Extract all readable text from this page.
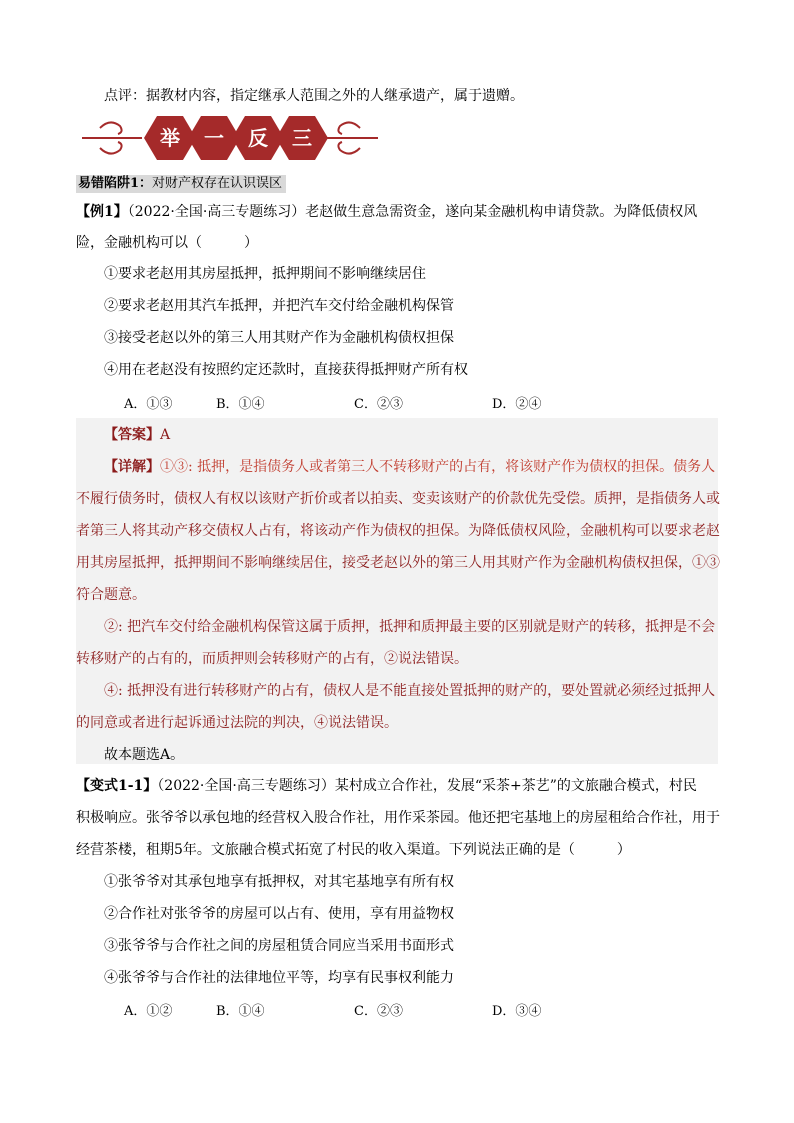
点评：据教材内容，指定继承人范围之外的人继承遗产，属于遗赠。
举 一 反 三
易错陷阱1：对财产权存在认识误区
【例1】（2022·全国·高三专题练习）老赵做生意急需资金，遂向某金融机构申请贷款。为降低债权风
险，金融机构可以（　　　）
①要求老赵用其房屋抵押，抵押期间不影响继续居住
②要求老赵用其汽车抵押，并把汽车交付给金融机构保管
③接受老赵以外的第三人用其财产作为金融机构债权担保
④用在老赵没有按照约定还款时，直接获得抵押财产所有权
A．①③	B．①④	C．②③	D．②④
【答案】A
【详解】①③: 抵押，是指债务人或者第三人不转移财产的占有，将该财产作为债权的担保。债务人
不履行债务时，债权人有权以该财产折价或者以拍卖、变卖该财产的价款优先受偿。质押，是指债务人或
者第三人将其动产移交债权人占有，将该动产作为债权的担保。为降低债权风险，金融机构可以要求老赵
用其房屋抵押，抵押期间不影响继续居住，接受老赵以外的第三人用其财产作为金融机构债权担保，①③
符合题意。
②: 把汽车交付给金融机构保管这属于质押，抵押和质押最主要的区别就是财产的转移，抵押是不会
转移财产的占有的，而质押则会转移财产的占有，②说法错误。
④: 抵押没有进行转移财产的占有，债权人是不能直接处置抵押的财产的，要处置就必须经过抵押人
的同意或者进行起诉通过法院的判决，④说法错误。
故本题选A。
【变式1-1】（2022·全国·高三专题练习）某村成立合作社，发展“采茶+茶艺”的文旅融合模式，村民
积极响应。张爷爷以承包地的经营权入股合作社，用作采茶园。他还把宅基地上的房屋租给合作社，用于
经营茶楼，租期5年。文旅融合模式拓宽了村民的收入渠道。下列说法正确的是（　　　）
①张爷爷对其承包地享有抵押权，对其宅基地享有所有权
②合作社对张爷爷的房屋可以占有、使用，享有用益物权
③张爷爷与合作社之间的房屋租赁合同应当采用书面形式
④张爷爷与合作社的法律地位平等，均享有民事权利能力
A．①②	B．①④	C．②③	D．③④
